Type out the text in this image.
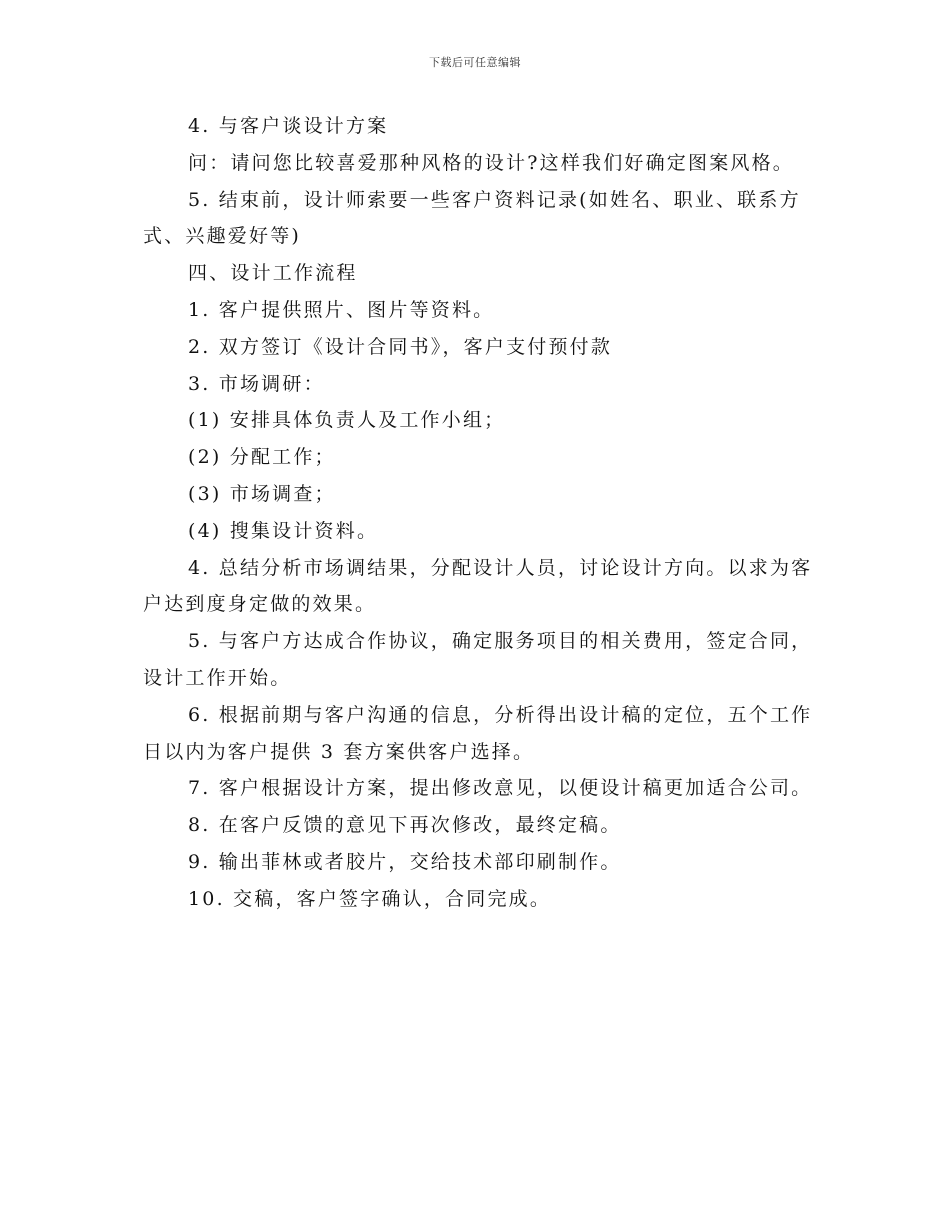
下载后可任意编辑

4. 与客户谈设计方案

问：请问您比较喜爱那种风格的设计?这样我们好确定图案风格。

5. 结束前，设计师索要一些客户资料记录(如姓名、职业、联系方式、兴趣爱好等)

四、设计工作流程

1. 客户提供照片、图片等资料。

2. 双方签订《设计合同书》，客户支付预付款

3. 市场调研：

(1) 安排具体负责人及工作小组；

(2) 分配工作；

(3) 市场调查；

(4) 搜集设计资料。

4. 总结分析市场调结果，分配设计人员，讨论设计方向。以求为客户达到度身定做的效果。

5. 与客户方达成合作协议，确定服务项目的相关费用，签定合同，设计工作开始。

6. 根据前期与客户沟通的信息，分析得出设计稿的定位，五个工作日以内为客户提供 3 套方案供客户选择。

7. 客户根据设计方案，提出修改意见，以便设计稿更加适合公司。

8. 在客户反馈的意见下再次修改，最终定稿。

9. 输出菲林或者胶片，交给技术部印刷制作。

10. 交稿，客户签字确认，合同完成。
